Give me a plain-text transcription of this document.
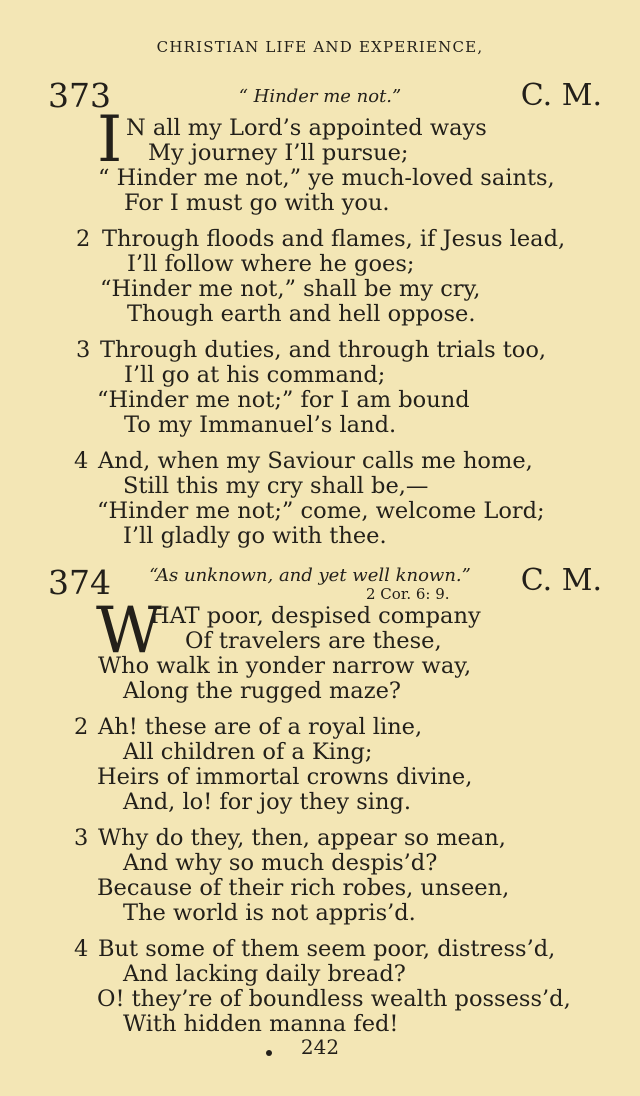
CHRISTIAN LIFE AND EXPERIENCE,
373	“ Hinder me not.”	C. M.
I N all my Lord’s appointed ways
My journey I’ll pursue;
“ Hinder me not,” ye much-loved saints,
For I must go with you.
2 Through floods and flames, if Jesus lead,
I’ll follow where he goes;
“Hinder me not,” shall be my cry,
Though earth and hell oppose.
3 Through duties, and through trials too,
I’ll go at his command;
“Hinder me not;” for I am bound
To my Immanuel’s land.
4 And, when my Saviour calls me home,
Still this my cry shall be,—
“Hinder me not;” come, welcome Lord;
I’ll gladly go with thee.
374	“As unknown, and yet well known.”
2 Cor. 6: 9. C. M.
W
HAT poor, despised company
Of travelers are these,
Who walk in yonder narrow way,
Along the rugged maze?
2 Ah! these are of a royal line,
All children of a King;
Heirs of immortal crowns divine,
And, lo! for joy they sing.
3 Why do they, then, appear so mean,
And why so much despis’d?
Because of their rich robes, unseen,
The world is not appris’d.
4 But some of them seem poor, distress’d,
And lacking daily bread?
O! they’re of boundless wealth possess’d,
With hidden manna fed!
242
